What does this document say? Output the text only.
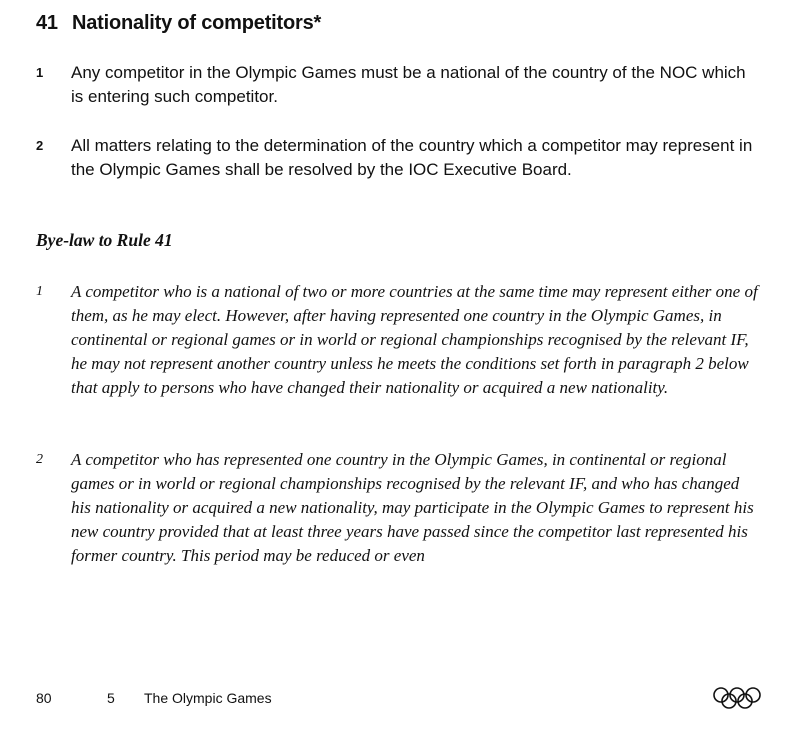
41 Nationality of competitors*
1 Any competitor in the Olympic Games must be a national of the country of the NOC which is entering such competitor.
2 All matters relating to the determination of the country which a competitor may represent in the Olympic Games shall be resolved by the IOC Executive Board.
Bye-law to Rule 41
1 A competitor who is a national of two or more countries at the same time may represent either one of them, as he may elect. However, after having represented one country in the Olympic Games, in continental or regional games or in world or regional championships recognised by the relevant IF, he may not represent another country unless he meets the conditions set forth in paragraph 2 below that apply to persons who have changed their nationality or acquired a new nationality.
2 A competitor who has represented one country in the Olympic Games, in continental or regional games or in world or regional championships recognised by the relevant IF, and who has changed his nationality or acquired a new nationality, may participate in the Olympic Games to represent his new country provided that at least three years have passed since the competitor last represented his former country. This period may be reduced or even
80	5 The Olympic Games
